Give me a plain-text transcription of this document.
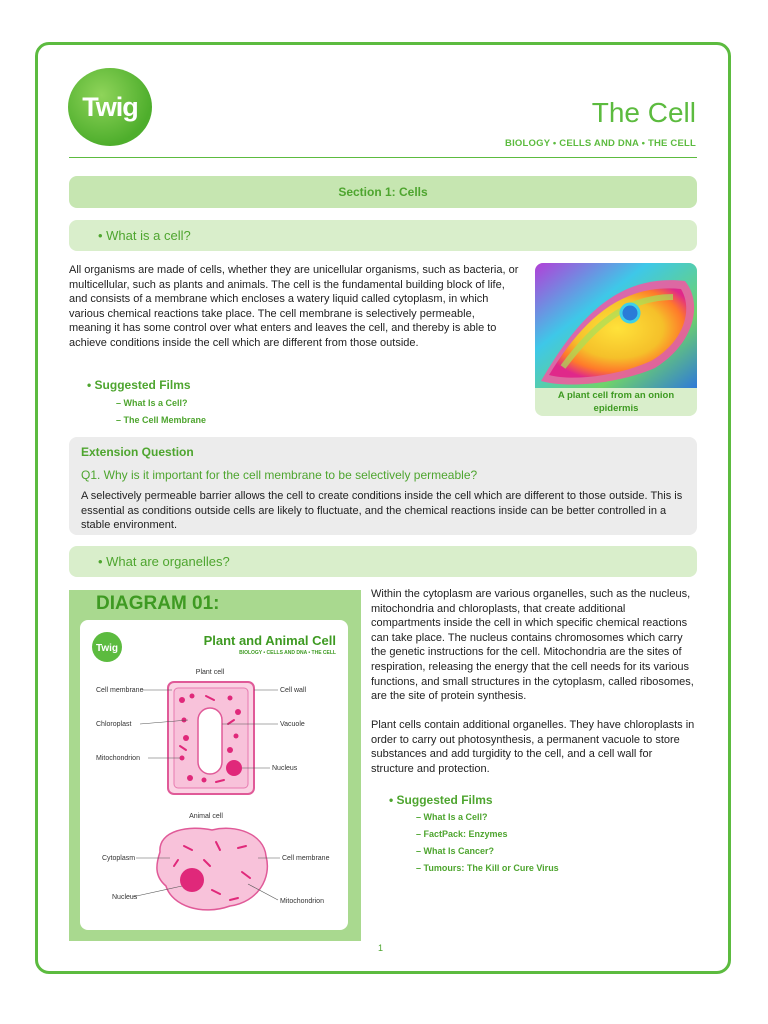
Twig	The Cell
BIOLOGY • CELLS AND DNA • THE CELL
Section 1: Cells
• What is a cell?
All organisms are made of cells, whether they are unicellular organisms, such as bacteria, or multicellular, such as plants and animals. The cell is the fundamental building block of life, and consists of a membrane which encloses a watery liquid called cytoplasm, in which various chemical reactions take place. The cell membrane is selectively permeable, meaning it has some control over what enters and leaves the cell, and thereby is able to achieve conditions inside the cell which are different from those outside.
• Suggested Films
– What Is a Cell?
– The Cell Membrane
A plant cell from an onion epidermis
Extension Question
Q1. Why is it important for the cell membrane to be selectively permeable?
A selectively permeable barrier allows the cell to create conditions inside the cell which are different to those outside. This is essential as conditions outside cells are likely to fluctuate, and the chemical reactions inside can be better controlled in a stable environment.
• What are organelles?
DIAGRAM 01:
Twig
Plant and Animal Cell
BIOLOGY • CELLS AND DNA • THE CELL
Plant cell
Cell membrane
Chloroplast
Mitochondrion
Cell wall
Vacuole
Nucleus
Animal cell
Cytoplasm
Nucleus
Cell membrane
Mitochondrion
Within the cytoplasm are various organelles, such as the nucleus, mitochondria and chloroplasts, that create additional compartments inside the cell in which specific chemical reactions can take place. The nucleus contains chromosomes which carry the genetic instructions for the cell. Mitochondria are the sites of respiration, releasing the energy that the cell needs for its various functions, and small structures in the cytoplasm, called ribosomes, are the site of protein synthesis.
Plant cells contain additional organelles. They have chloroplasts in order to carry out photosynthesis, a permanent vacuole to store substances and add turgidity to the cell, and a cell wall for structure and protection.
• Suggested Films
– What Is a Cell?
– FactPack: Enzymes
– What Is Cancer?
– Tumours: The Kill or Cure Virus
1
